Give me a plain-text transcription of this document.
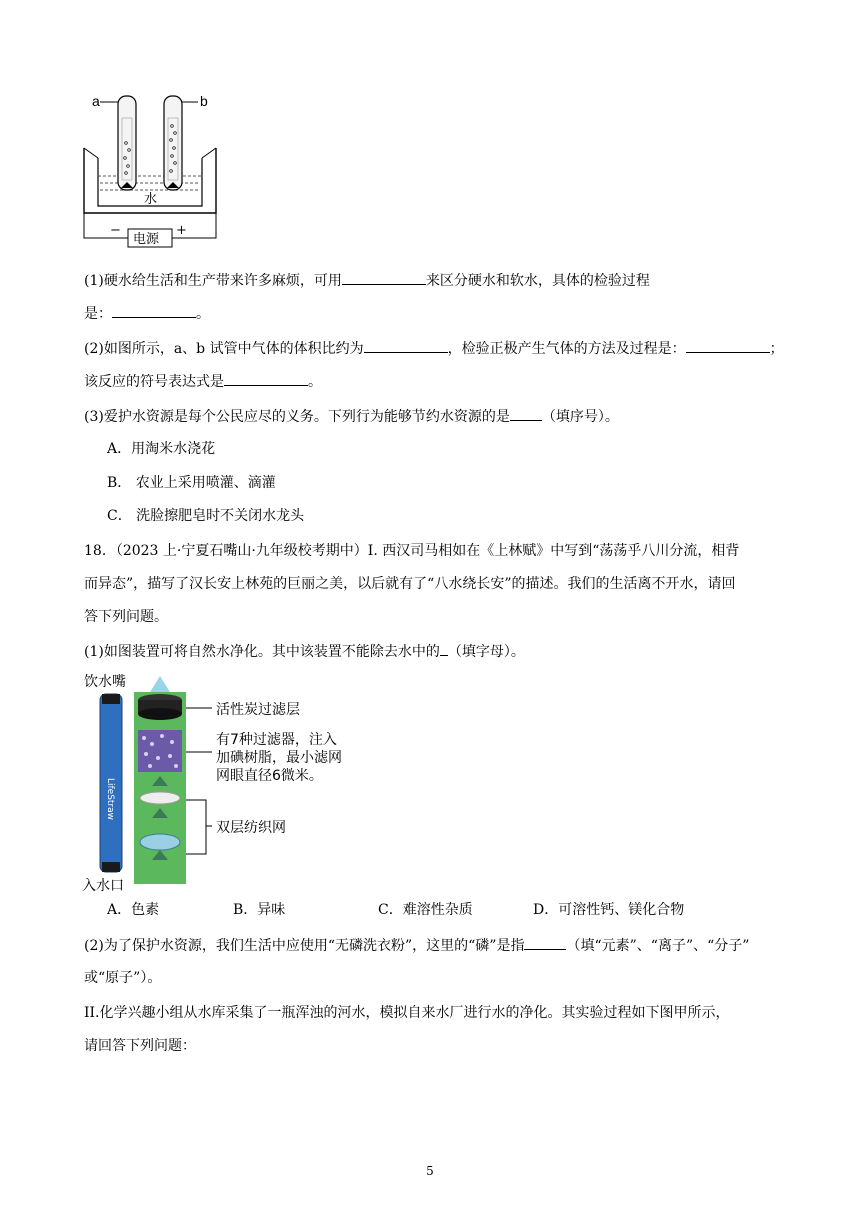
a	b
水
电源
−	+
(1)硬水给生活和生产带来许多麻烦，可用	来区分硬水和软水，具体的检验过程
是：	。
(2)如图所示，a、b 试管中气体的体积比约为	，检验正极产生气体的方法及过程是：	；
该反应的符号表达式是	。
(3)爱护水资源是每个公民应尽的义务。下列行为能够节约水资源的是 （填序号）。
A．用淘米水浇花
B． 农业上采用喷灌、滴灌
C． 洗脸擦肥皂时不关闭水龙头
18．（2023 上·宁夏石嘴山·九年级校考期中）I. 西汉司马相如在《上林赋》中写到“荡荡乎八川分流，相背
而异态”，描写了汉长安上林苑的巨丽之美，以后就有了“八水绕长安”的描述。我们的生活离不开水，请回
答下列问题。
(1)如图装置可将自然水净化。其中该装置不能除去水中的 （填字母）。
饮水嘴
入水口
LifeStraw
活性炭过滤层
有7种过滤器，注入
加碘树脂，最小滤网
网眼直径6微米。
双层纺织网
A．色素	B．异味	C．难溶性杂质	D．可溶性钙、镁化合物
(2)为了保护水资源，我们生活中应使用“无磷洗衣粉”，这里的“磷”是指	（填“元素”、“离子”、“分子”
或“原子”）。
II.化学兴趣小组从水库采集了一瓶浑浊的河水，模拟自来水厂进行水的净化。其实验过程如下图甲所示，
请回答下列问题：
5
